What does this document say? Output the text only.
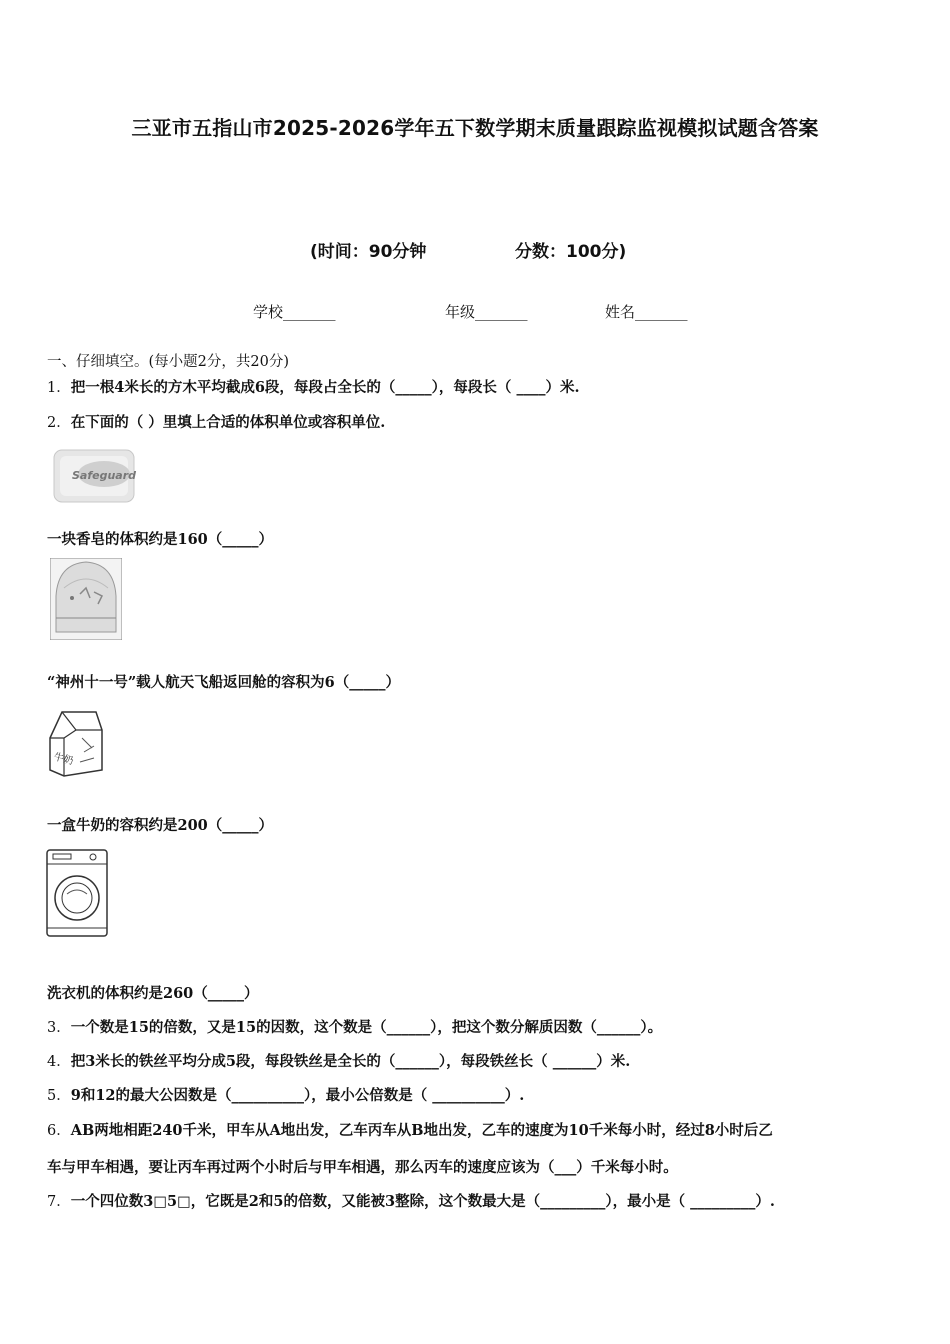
三亚市五指山市2025-2026学年五下数学期末质量跟踪监视模拟试题含答案
(时间：90分钟	分数：100分)
学校_______	年级_______	姓名_______
一、仔细填空。(每小题2分，共20分)
1．把一根4米长的方木平均截成6段，每段占全长的（_____），每段长（ ____）米.
2．在下面的（ ）里填上合适的体积单位或容积单位.
Safeguard
一块香皂的体积约是160（_____）
“神州十一号”载人航天飞船返回舱的容积为6（_____）
牛奶
一盒牛奶的容积约是200（_____）
洗衣机的体积约是260（_____）
3．一个数是15的倍数，又是15的因数，这个数是（______），把这个数分解质因数（______）。
4．把3米长的铁丝平均分成5段，每段铁丝是全长的（______），每段铁丝长（ ______）米.
5．9和12的最大公因数是（__________），最小公倍数是（ __________）.
6．AB两地相距240千米，甲车从A地出发，乙车丙车从B地出发，乙车的速度为10千米每小时，经过8小时后乙
车与甲车相遇，要让丙车再过两个小时后与甲车相遇，那么丙车的速度应该为（___）千米每小时。
7．一个四位数3□5□，它既是2和5的倍数，又能被3整除，这个数最大是（_________），最小是（ _________）.
